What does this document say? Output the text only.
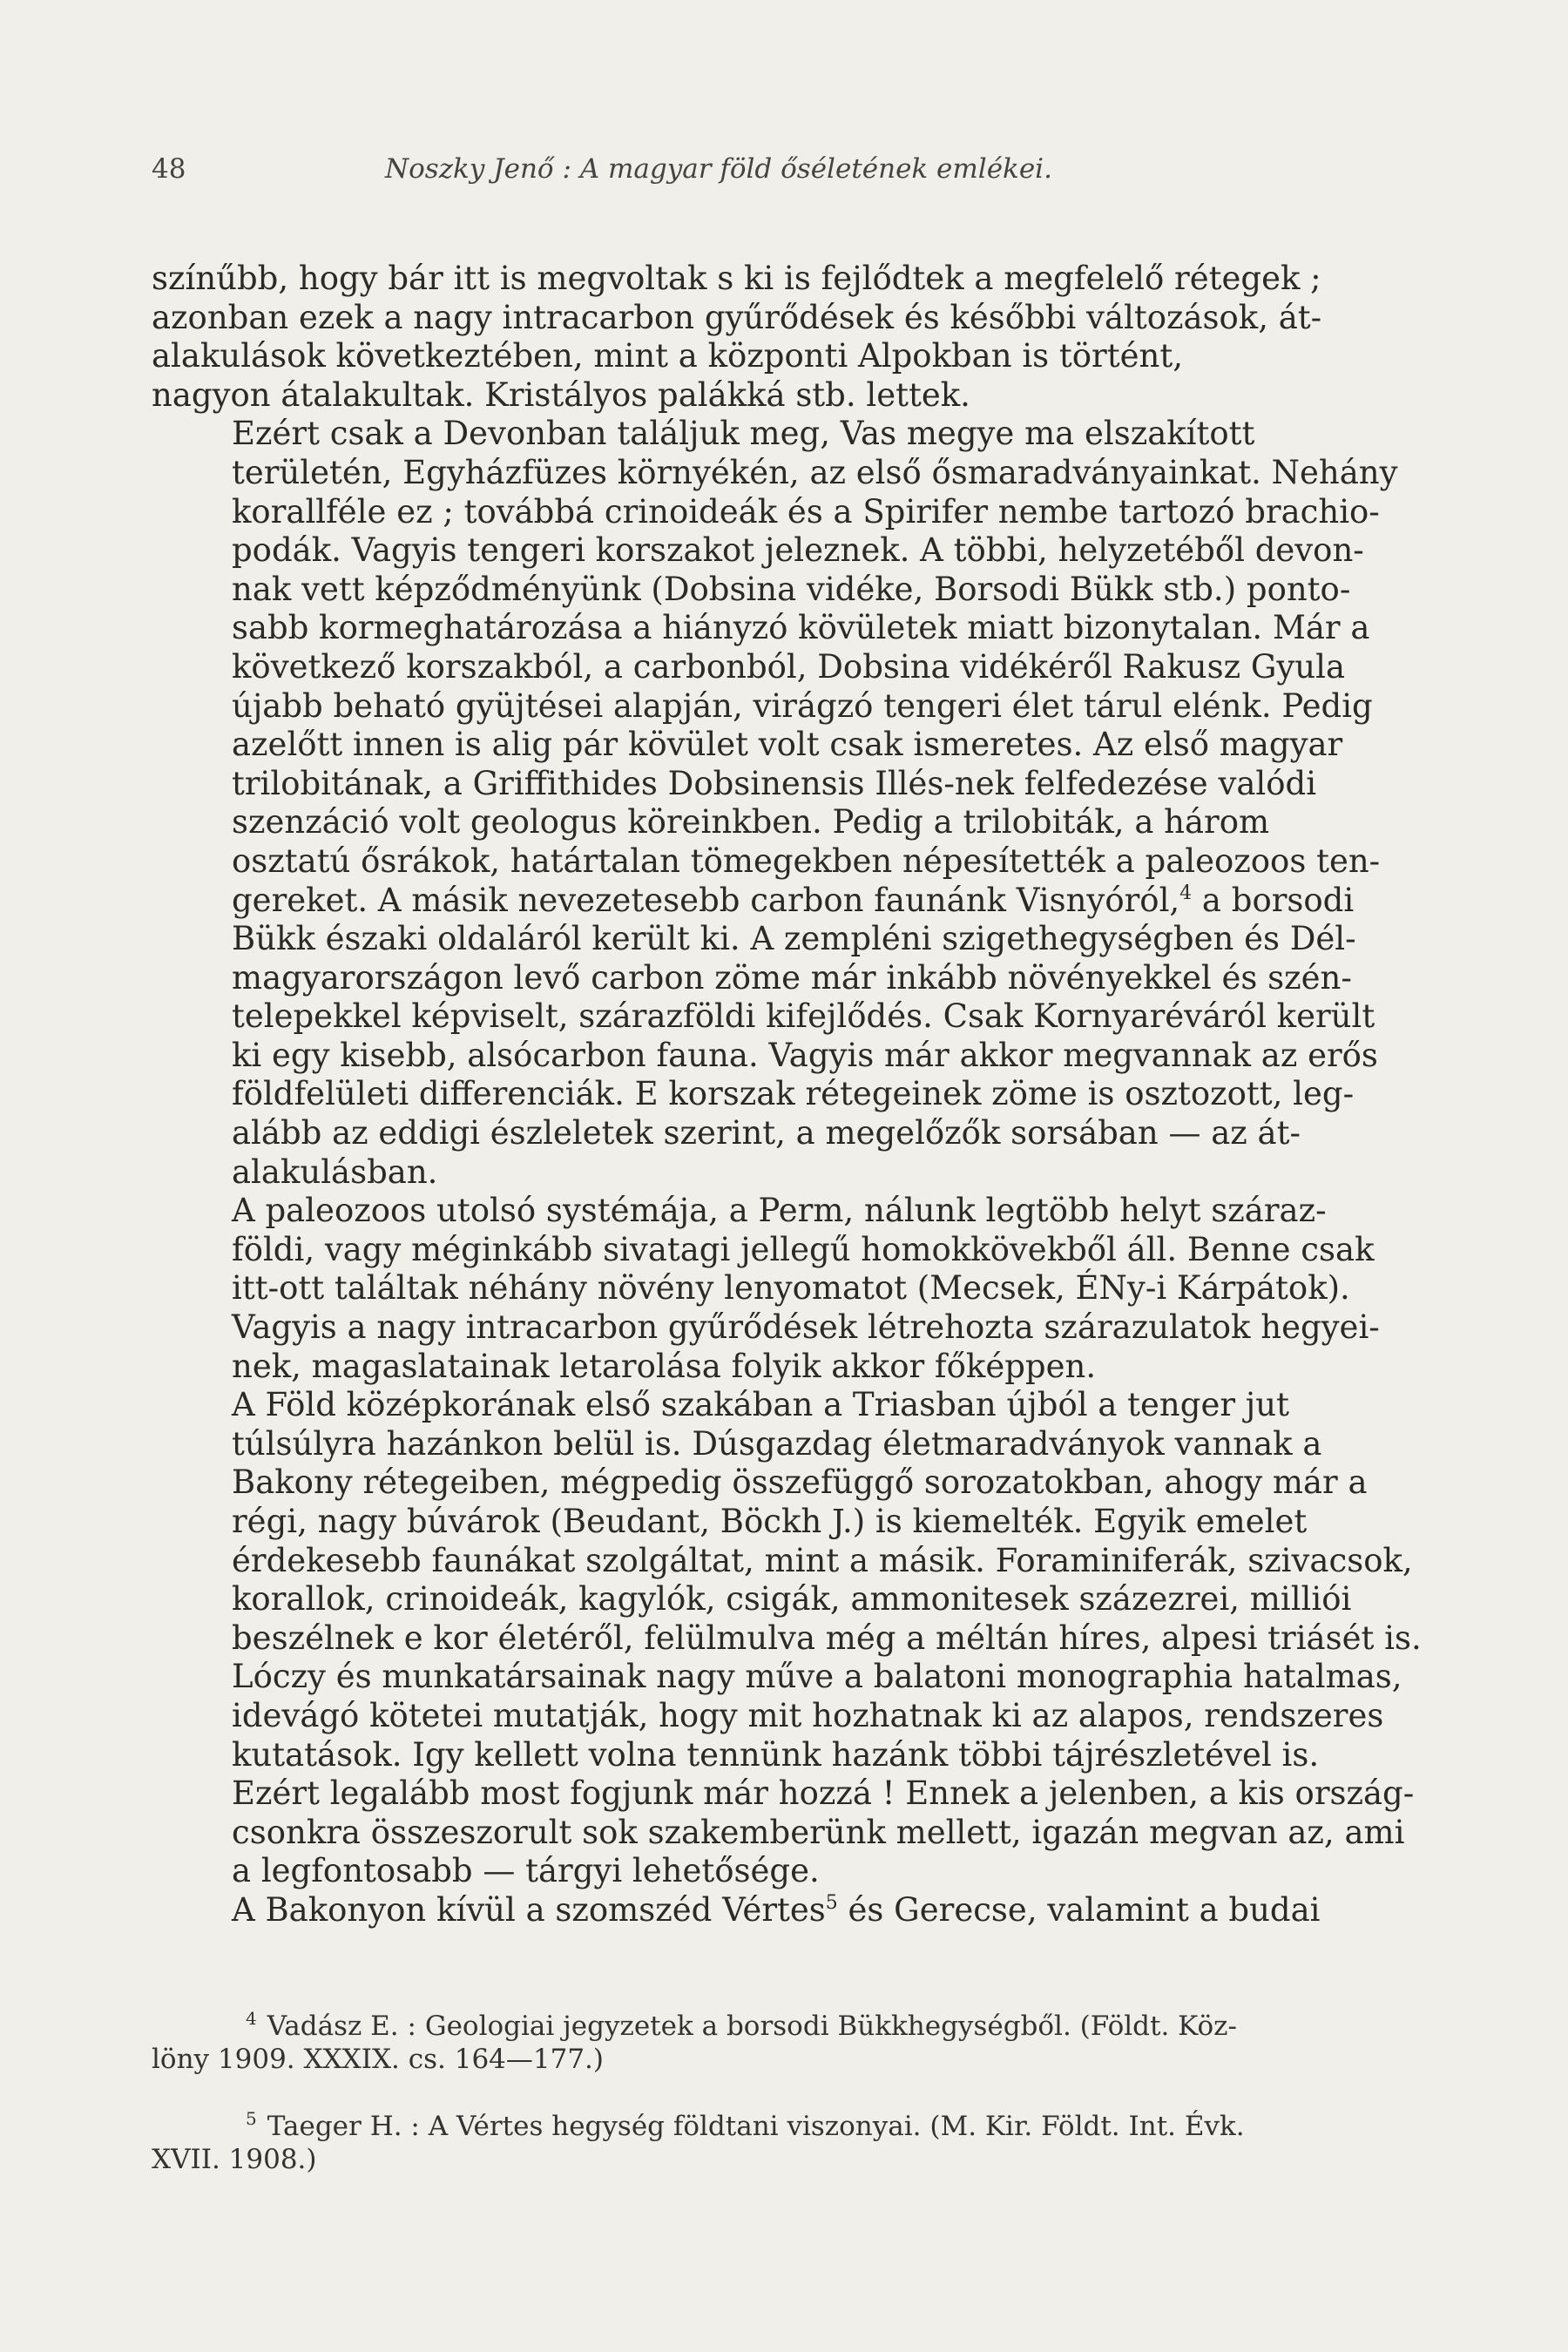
48	Noszky Jenő : A magyar föld őséletének emlékei.

színűbb, hogy bár itt is megvoltak s ki is fejlődtek a megfelelő rétegek ;
azonban ezek a nagy intracarbon gyűrődések és későbbi változások, át-
alakulások következtében, mint a központi Alpokban is történt,
nagyon átalakultak. Kristályos palákká stb. lettek.

Ezért csak a Devonban találjuk meg, Vas megye ma elszakított
területén, Egyházfüzes környékén, az első ősmaradványainkat. Nehány
korallféle ez ; továbbá crinoideák és a Spirifer nembe tartozó brachio-
podák. Vagyis tengeri korszakot jeleznek. A többi, helyzetéből devon-
nak vett képződményünk (Dobsina vidéke, Borsodi Bükk stb.) ponto-
sabb kormeghatározása a hiányzó kövületek miatt bizonytalan. Már a
következő korszakból, a carbonból, Dobsina vidékéről Rakusz Gyula
újabb beható gyüjtései alapján, virágzó tengeri élet tárul elénk. Pedig
azelőtt innen is alig pár kövület volt csak ismeretes. Az első magyar
trilobitának, a Griffithides Dobsinensis Illés-nek felfedezése valódi
szenzáció volt geologus köreinkben. Pedig a trilobiták, a három
osztatú ősrákok, határtalan tömegekben népesítették a paleozoos ten-
gereket. A másik nevezetesebb carbon faunánk Visnyóról,$^4$ a borsodi
Bükk északi oldaláról került ki. A zempléni szigethegységben és Dél-
magyarországon levő carbon zöme már inkább növényekkel és szén-
telepekkel képviselt, szárazföldi kifejlődés. Csak Kornyaréváról került
ki egy kisebb, alsócarbon fauna. Vagyis már akkor megvannak az erős
földfelületi differenciák. E korszak rétegeinek zöme is osztozott, leg-
alább az eddigi észleletek szerint, a megelőzők sorsában — az át-
alakulásban.

A paleozoos utolsó systémája, a Perm, nálunk legtöbb helyt száraz-
földi, vagy méginkább sivatagi jellegű homokkövekből áll. Benne csak
itt-ott találtak néhány növény lenyomatot (Mecsek, ÉNy-i Kárpátok).
Vagyis a nagy intracarbon gyűrődések létrehozta szárazulatok hegyei-
nek, magaslatainak letarolása folyik akkor főképpen.

A Föld középkorának első szakában a Triasban újból a tenger jut
túlsúlyra hazánkon belül is. Dúsgazdag életmaradványok vannak a
Bakony rétegeiben, mégpedig összefüggő sorozatokban, ahogy már a
régi, nagy búvárok (Beudant, Böckh J.) is kiemelték. Egyik emelet
érdekesebb faunákat szolgáltat, mint a másik. Foraminiferák, szivacsok,
korallok, crinoideák, kagylók, csigák, ammonitesek százezrei, milliói
beszélnek e kor életéről, felülmulva még a méltán híres, alpesi triásét is.
Lóczy és munkatársainak nagy műve a balatoni monographia hatalmas,
idevágó kötetei mutatják, hogy mit hozhatnak ki az alapos, rendszeres
kutatások. Igy kellett volna tennünk hazánk többi tájrészletével is.
Ezért legalább most fogjunk már hozzá ! Ennek a jelenben, a kis ország-
csonkra összeszorult sok szakemberünk mellett, igazán megvan az, ami
a legfontosabb — tárgyi lehetősége.

A Bakonyon kívül a szomszéd Vértes$^5$ és Gerecse, valamint a budai

$^4$ Vadász E. : Geologiai jegyzetek a borsodi Bükkhegységből. (Földt. Köz-
löny 1909. XXXIX. cs. 164—177.)
$^5$ Taeger H. : A Vértes hegység földtani viszonyai. (M. Kir. Földt. Int. Évk.
XVII. 1908.)
